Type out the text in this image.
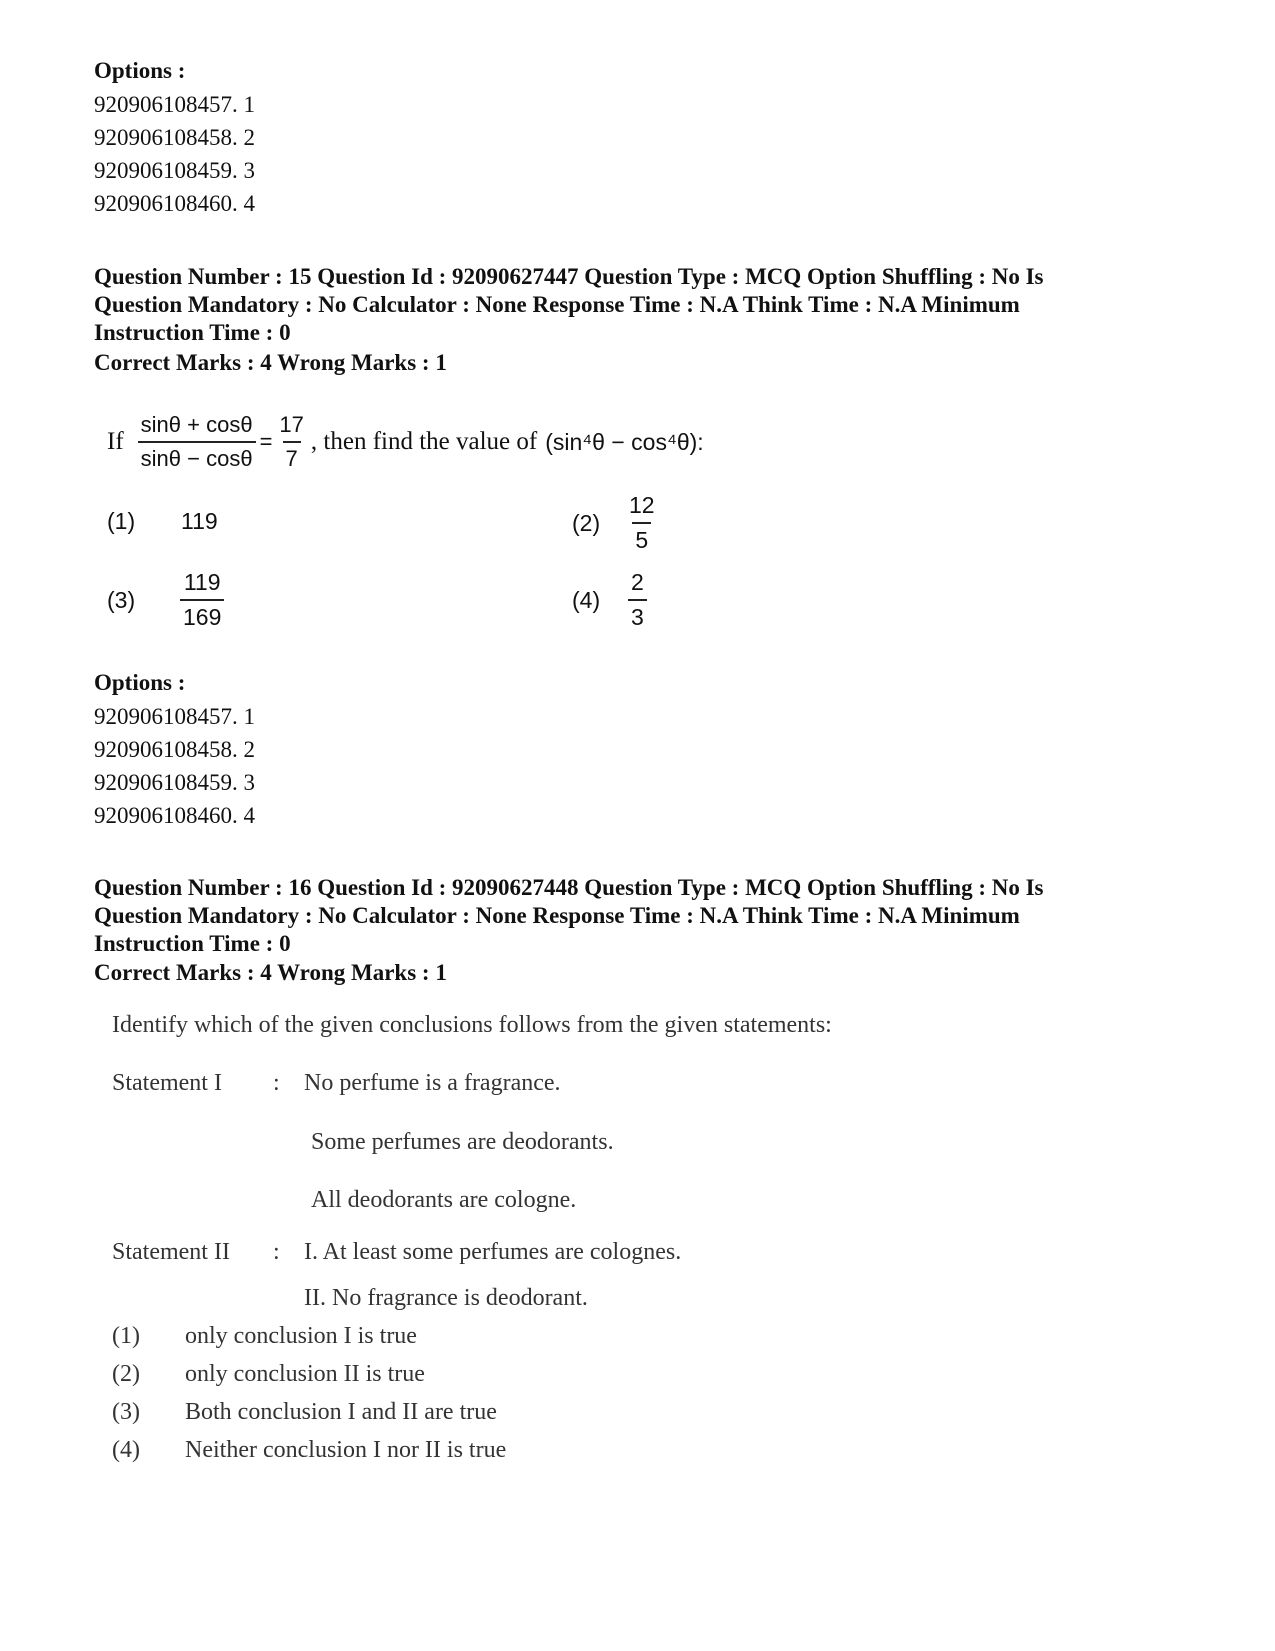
Options :
920906108457. 1
920906108458. 2
920906108459. 3
920906108460. 4
Question Number : 15 Question Id : 92090627447 Question Type : MCQ Option Shuffling : No Is
Question Mandatory : No Calculator : None Response Time : N.A Think Time : N.A Minimum
Instruction Time : 0
Correct Marks : 4 Wrong Marks : 1
If $\frac{\sin\theta + \cos\theta}{\sin\theta - \cos\theta} = \frac{17}{7}$ , then find the value of (sin⁴θ − cos⁴θ):
(1) 119	$(2) \frac{12}{5}$
$(3) \frac{119}{169}$	$(4) \frac{2}{3}$
Options :
920906108457. 1
920906108458. 2
920906108459. 3
920906108460. 4
Question Number : 16 Question Id : 92090627448 Question Type : MCQ Option Shuffling : No Is
Question Mandatory : No Calculator : None Response Time : N.A Think Time : N.A Minimum
Instruction Time : 0
Correct Marks : 4 Wrong Marks : 1
Identify which of the given conclusions follows from the given statements:
Statement I : No perfume is a fragrance.
Some perfumes are deodorants.
All deodorants are cologne.
Statement II : I. At least some perfumes are colognes.
II. No fragrance is deodorant.
(1) only conclusion I is true
(2) only conclusion II is true
(3) Both conclusion I and II are true
(4) Neither conclusion I nor II is true
